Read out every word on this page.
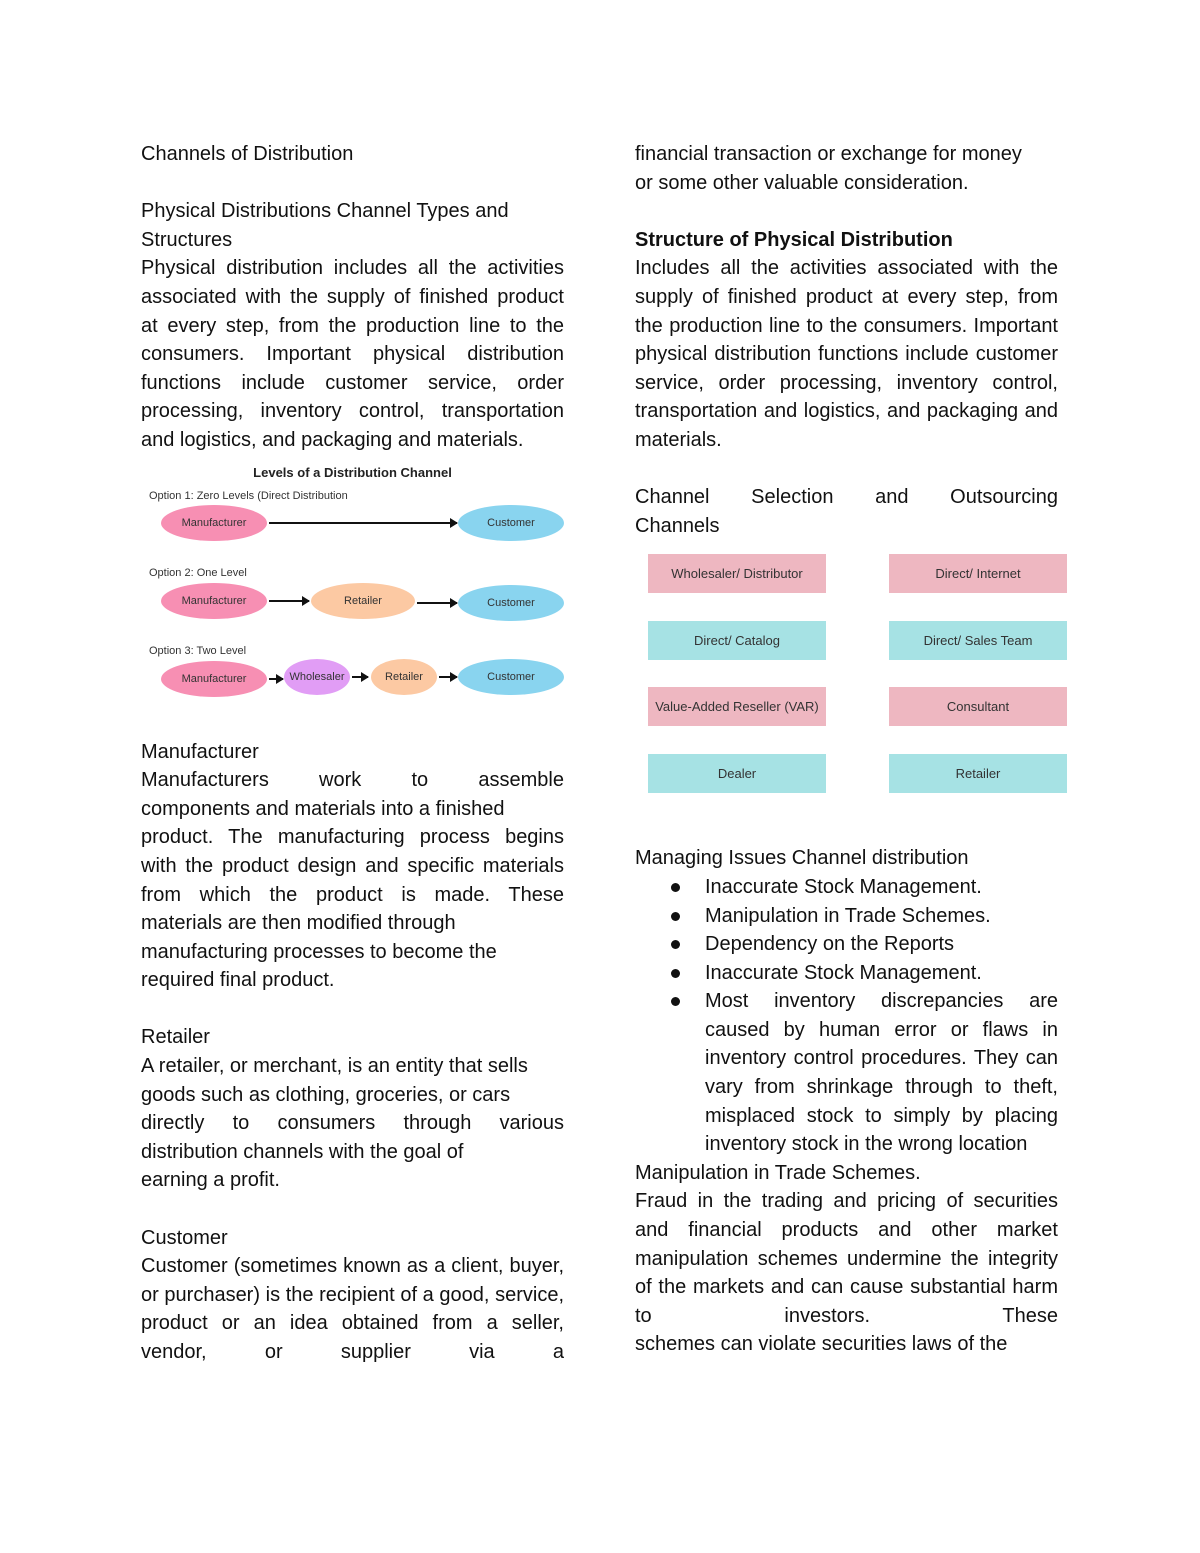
Channels of Distribution

Physical Distributions Channel Types and

Structures

Physical distribution includes all the activities associated with the supply of finished product at every step, from the production line to the consumers. Important physical distribution functions include customer service, order processing, inventory control, transportation and logistics, and packaging and materials.

Levels of a Distribution Channel
Option 1: Zero Levels (Direct Distribution
Manufacturer	Customer
Option 2: One Level
Manufacturer	Retailer	Customer
Option 3: Two Level
Manufacturer	Wholesaler	Retailer	Customer

Manufacturer

Manufacturers work to assemble

components and materials into a finished

product. The manufacturing process begins with the product design and specific materials from which the product is made. These materials are then modified through

manufacturing processes to become the

required final product.

Retailer

A retailer, or merchant, is an entity that sells

goods such as clothing, groceries, or cars

directly to consumers through various distribution channels with the goal of

earning a profit.

Customer

Customer (sometimes known as a client, buyer, or purchaser) is the recipient of a good, service, product or an idea obtained from a seller, vendor, or supplier via a

financial transaction or exchange for money

or some other valuable consideration.

Structure of Physical Distribution

Includes all the activities associated with the supply of finished product at every step, from the production line to the consumers. Important physical distribution functions include customer service, order processing, inventory control, transportation and logistics, and packaging and materials.

Channel Selection and Outsourcing

Channels

Wholesaler/ Distributor	Direct/ Internet
Direct/ Catalog	Direct/ Sales Team
Value-Added Reseller (VAR)	Consultant
Dealer	Retailer

Managing Issues Channel distribution

Inaccurate Stock Management.
Manipulation in Trade Schemes.
Dependency on the Reports
Inaccurate Stock Management.
Most inventory discrepancies are caused by human error or flaws in inventory control procedures. They can vary from shrinkage through to theft, misplaced stock to simply by placing inventory stock in the wrong location

Manipulation in Trade Schemes.

Fraud in the trading and pricing of securities and financial products and other market manipulation schemes undermine the integrity of the markets and can cause substantial harm to investors. These

schemes can violate securities laws of the
